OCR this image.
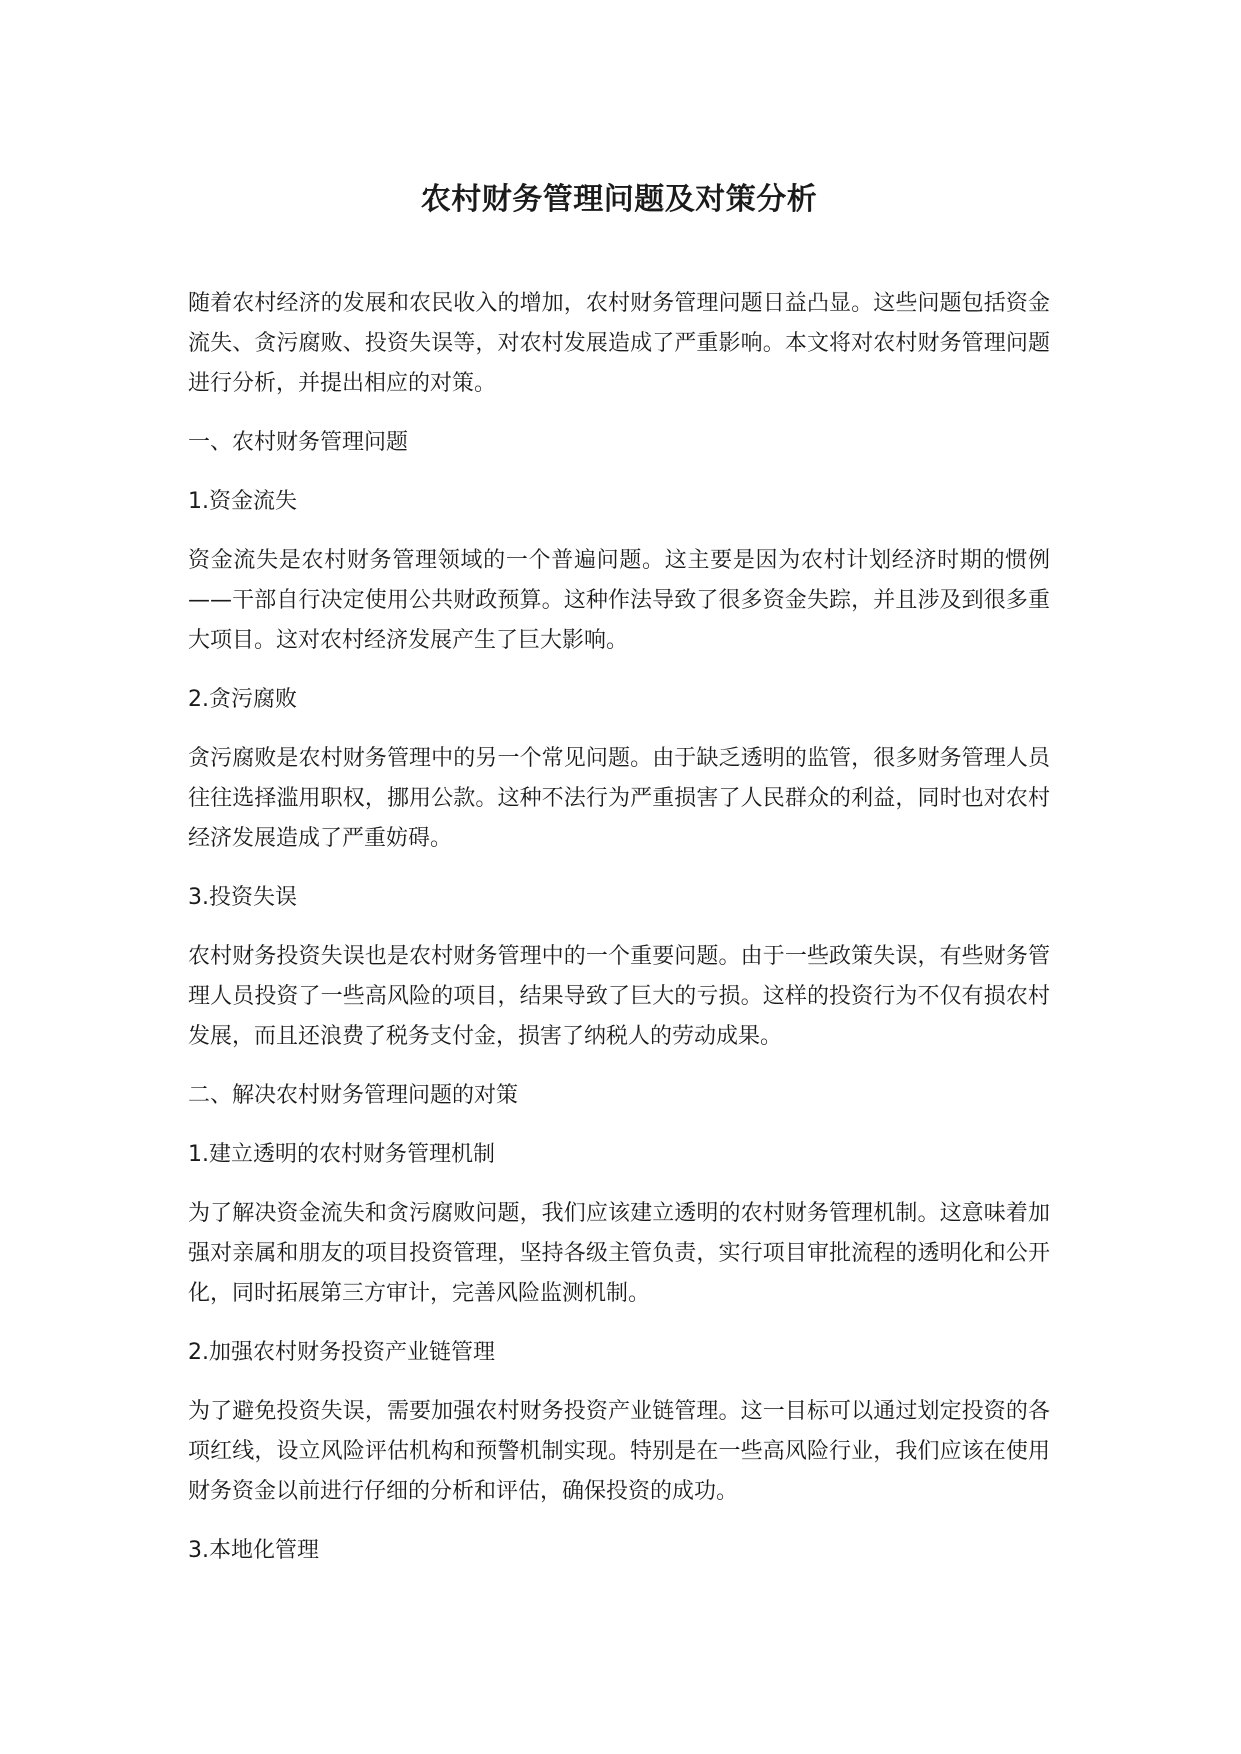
农村财务管理问题及对策分析

随着农村经济的发展和农民收入的增加，农村财务管理问题日益凸显。这些问题包括资金流失、贪污腐败、投资失误等，对农村发展造成了严重影响。本文将对农村财务管理问题进行分析，并提出相应的对策。

一、农村财务管理问题
1.资金流失

资金流失是农村财务管理领域的一个普遍问题。这主要是因为农村计划经济时期的惯例——干部自行决定使用公共财政预算。这种作法导致了很多资金失踪，并且涉及到很多重大项目。这对农村经济发展产生了巨大影响。

2.贪污腐败

贪污腐败是农村财务管理中的另一个常见问题。由于缺乏透明的监管，很多财务管理人员往往选择滥用职权，挪用公款。这种不法行为严重损害了人民群众的利益，同时也对农村经济发展造成了严重妨碍。

3.投资失误

农村财务投资失误也是农村财务管理中的一个重要问题。由于一些政策失误，有些财务管理人员投资了一些高风险的项目，结果导致了巨大的亏损。这样的投资行为不仅有损农村发展，而且还浪费了税务支付金，损害了纳税人的劳动成果。

二、解决农村财务管理问题的对策
1.建立透明的农村财务管理机制

为了解决资金流失和贪污腐败问题，我们应该建立透明的农村财务管理机制。这意味着加强对亲属和朋友的项目投资管理，坚持各级主管负责，实行项目审批流程的透明化和公开化，同时拓展第三方审计，完善风险监测机制。

2.加强农村财务投资产业链管理

为了避免投资失误，需要加强农村财务投资产业链管理。这一目标可以通过划定投资的各项红线，设立风险评估机构和预警机制实现。特别是在一些高风险行业，我们应该在使用财务资金以前进行仔细的分析和评估，确保投资的成功。

3.本地化管理
